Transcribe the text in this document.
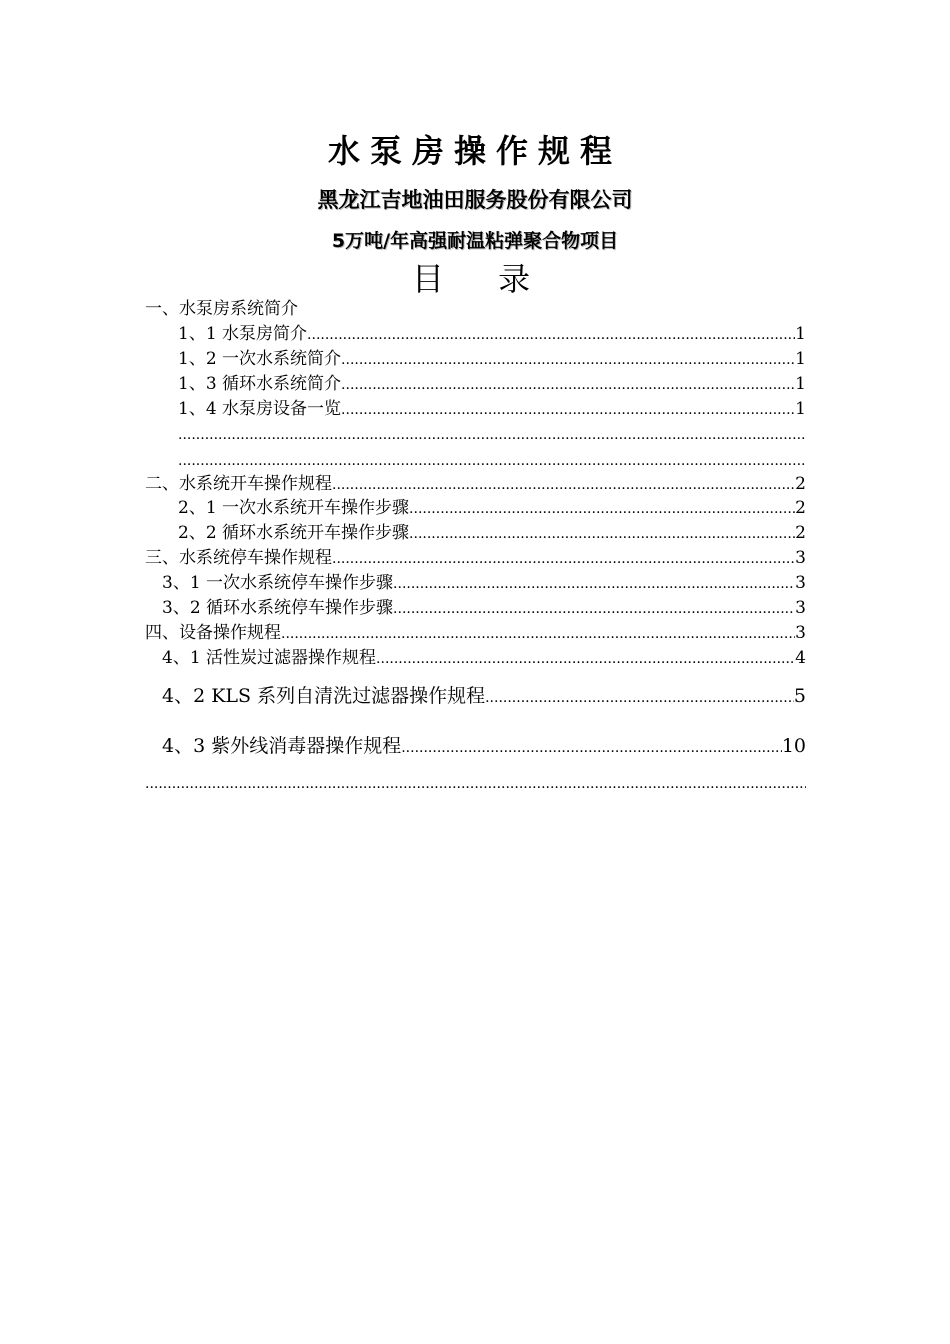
水泵房操作规程
黑龙江吉地油田服务股份有限公司
5万吨/年高强耐温粘弹聚合物项目
目 录
一、水泵房系统简介
1、1 水泵房简介 .....	1
1、2 一次水系统简介 .....	1
1、3 循环水系统简介 .....	1
1、4 水泵房设备一览 .....	1
.....
.....
二、水系统开车操作规程 .....	2
2、1 一次水系统开车操作步骤 .....	2
2、2 循环水系统开车操作步骤 .....	2
三、水系统停车操作规程 .....	3
3、1 一次水系统停车操作步骤 .....	3
3、2 循环水系统停车操作步骤 .....	3
四、设备操作规程 .....	3
4、1 活性炭过滤器操作规程 .....	4
4、2 KLS 系列自清洗过滤器操作规程 .....	5
4、3 紫外线消毒器操作规程 .....	10
.....
